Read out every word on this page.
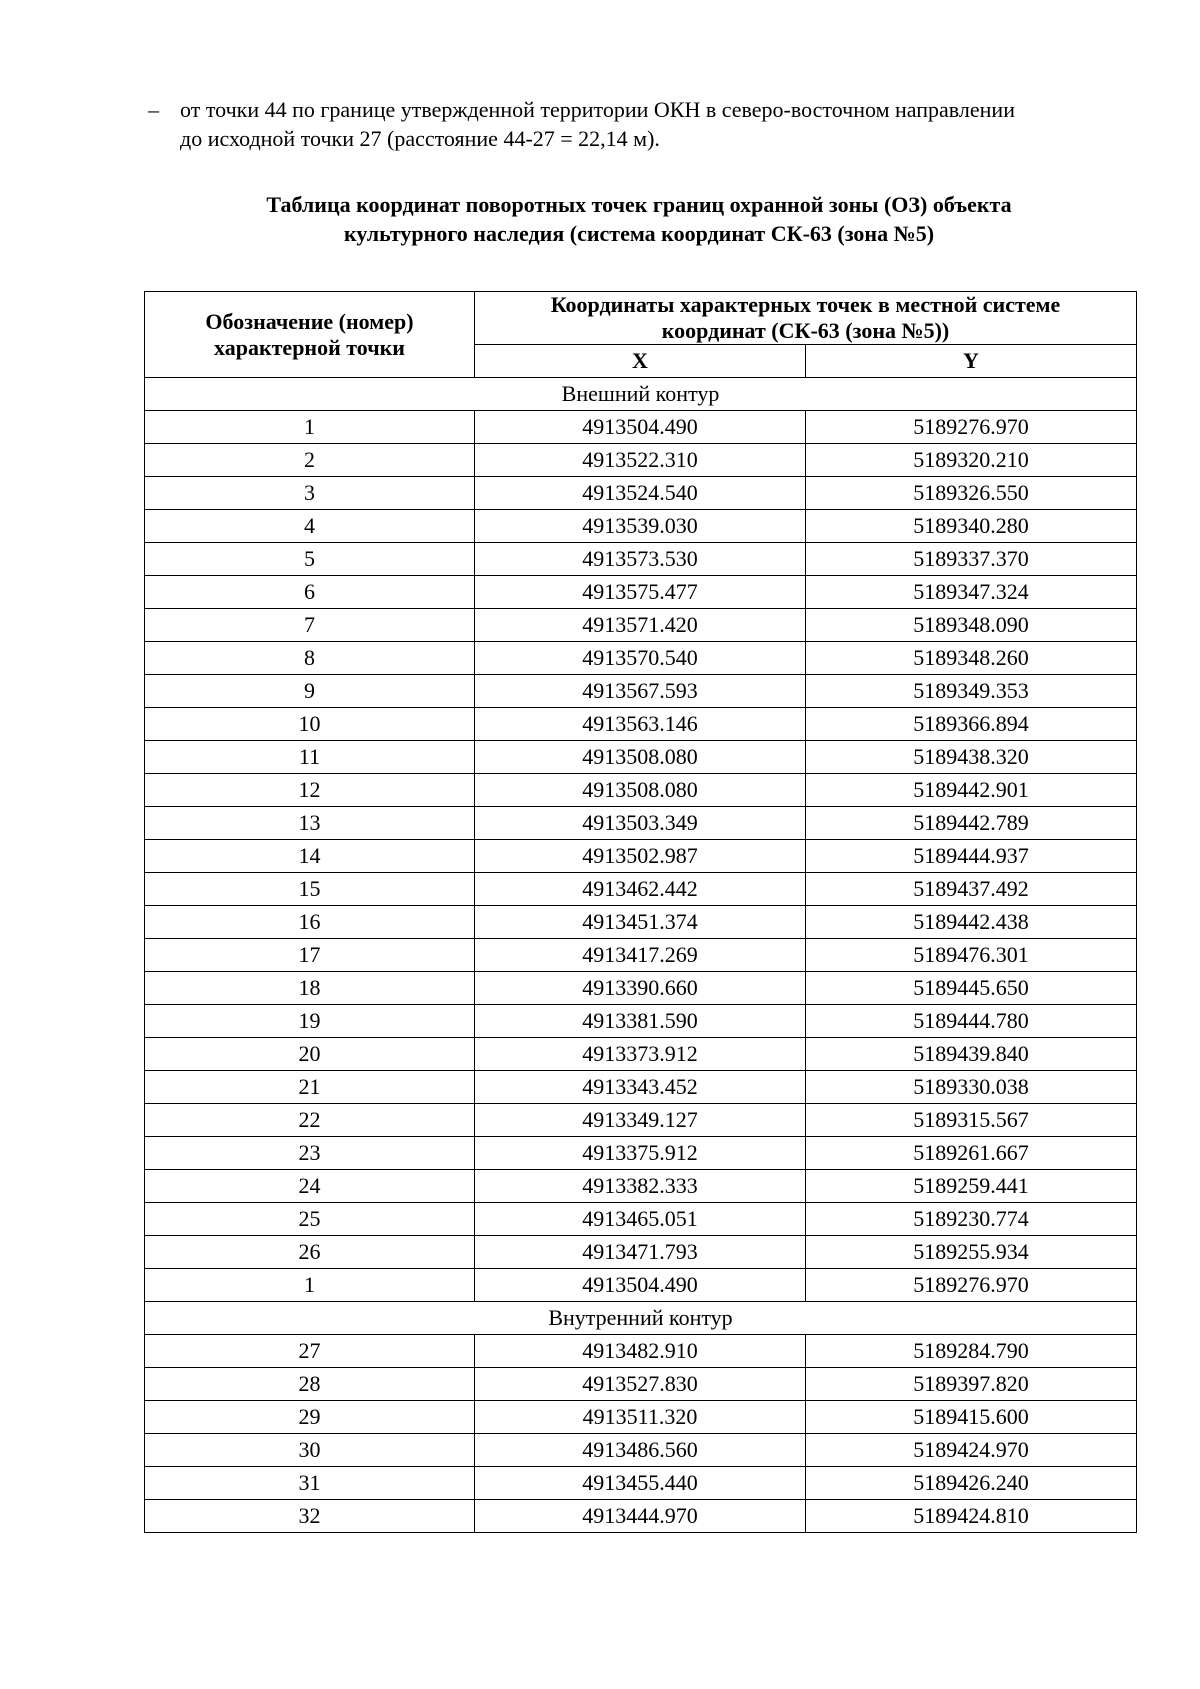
– от точки 44 по границе утвержденной территории ОКН в северо-восточном направлении
до исходной точки 27 (расстояние 44-27 = 22,14 м).
Таблица координат поворотных точек границ охранной зоны (ОЗ) объекта
культурного наследия (система координат СК-63 (зона №5)
Обозначение (номер)
характерной точки	Координаты характерных точек в местной системе
координат (СК-63 (зона №5))	
	X	Y
Внешний контур		
1	4913504.490	5189276.970
2	4913522.310	5189320.210
3	4913524.540	5189326.550
4	4913539.030	5189340.280
5	4913573.530	5189337.370
6	4913575.477	5189347.324
7	4913571.420	5189348.090
8	4913570.540	5189348.260
9	4913567.593	5189349.353
10	4913563.146	5189366.894
11	4913508.080	5189438.320
12	4913508.080	5189442.901
13	4913503.349	5189442.789
14	4913502.987	5189444.937
15	4913462.442	5189437.492
16	4913451.374	5189442.438
17	4913417.269	5189476.301
18	4913390.660	5189445.650
19	4913381.590	5189444.780
20	4913373.912	5189439.840
21	4913343.452	5189330.038
22	4913349.127	5189315.567
23	4913375.912	5189261.667
24	4913382.333	5189259.441
25	4913465.051	5189230.774
26	4913471.793	5189255.934
1	4913504.490	5189276.970
Внутренний контур		
27	4913482.910	5189284.790
28	4913527.830	5189397.820
29	4913511.320	5189415.600
30	4913486.560	5189424.970
31	4913455.440	5189426.240
32	4913444.970	5189424.810
